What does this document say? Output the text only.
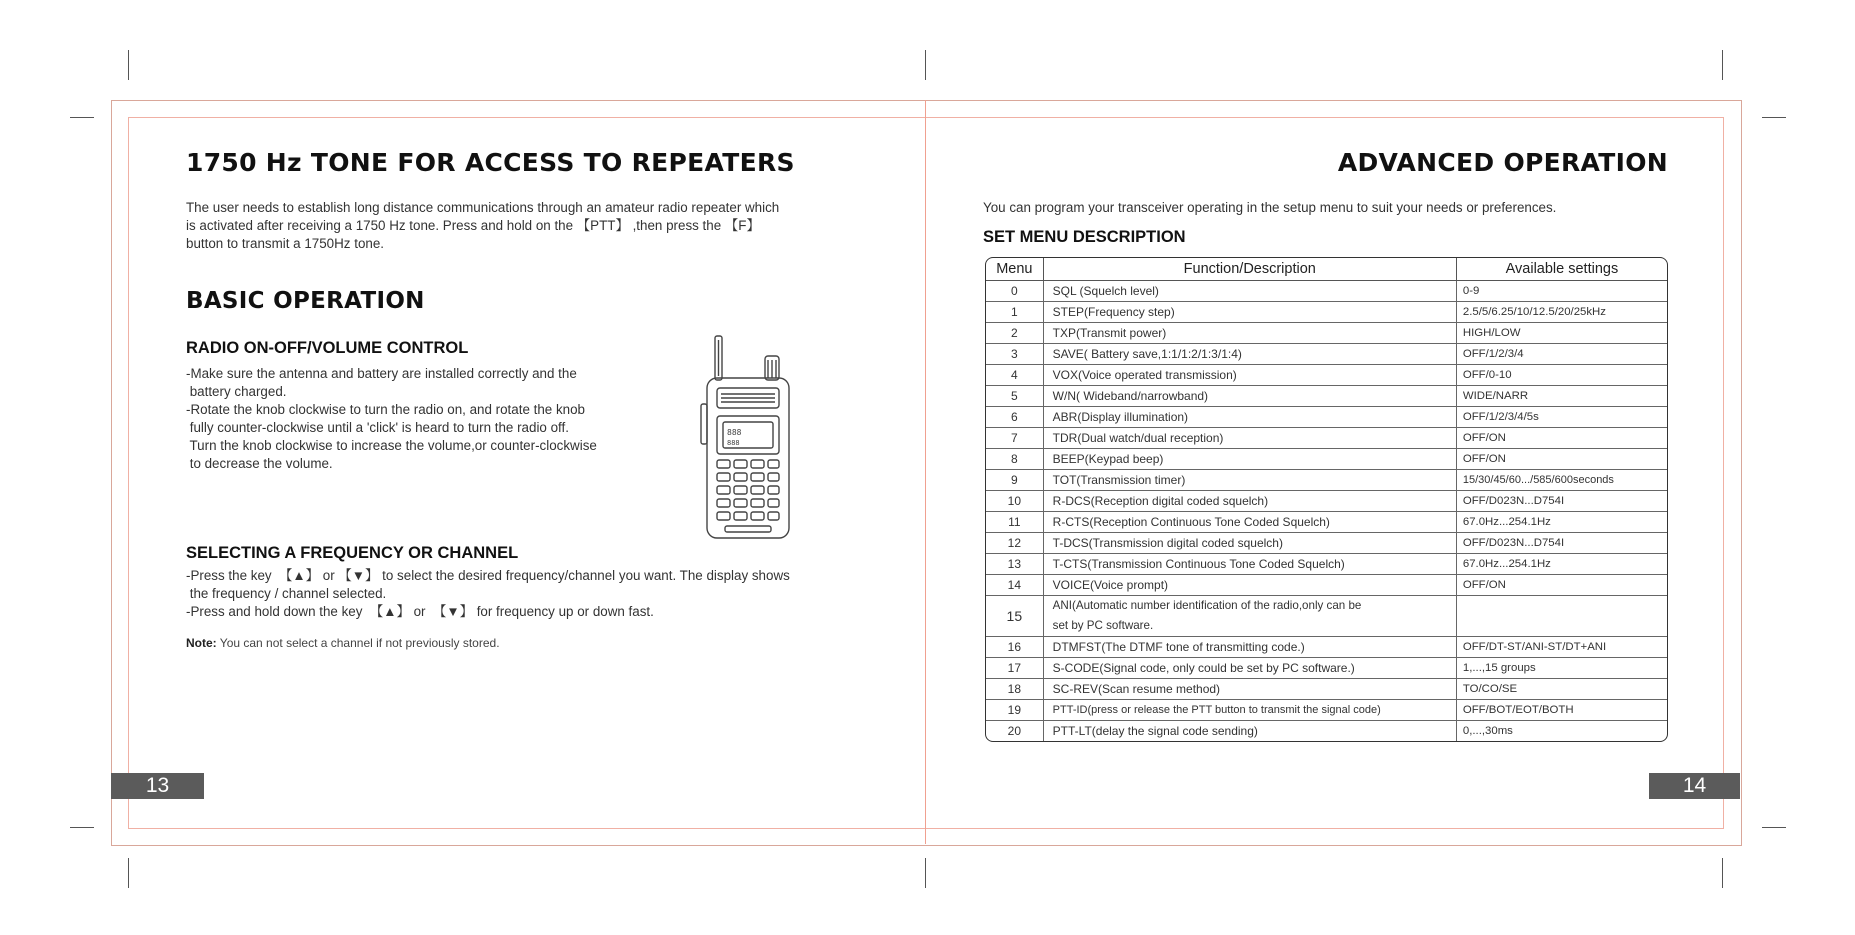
1750 Hz TONE FOR ACCESS TO REPEATERS

The user needs to establish long distance communications through an amateur radio repeater which

is activated after receiving a 1750 Hz tone. Press and hold on the 【PTT】 ,then press the 【F】

button to transmit a 1750Hz tone.

BASIC OPERATION
RADIO ON-OFF/VOLUME CONTROL

-Make sure the antenna and battery are installed correctly and the

battery charged.

-Rotate the knob clockwise to turn the radio on, and rotate the knob

fully counter-clockwise until a 'click' is heard to turn the radio off.

Turn the knob clockwise to increase the volume,or counter-clockwise

to decrease the volume.

888
888
SELECTING A FREQUENCY OR CHANNEL

-Press the key  【▲】 or 【▼】 to select the desired frequency/channel you want. The display shows

the frequency / channel selected.

-Press and hold down the key  【▲】 or  【▼】 for frequency up or down fast.

Note: You can not select a channel if not previously stored.

13
ADVANCED OPERATION

You can program your transceiver operating in the setup menu to suit your needs or preferences.

SET MENU DESCRIPTION
Menu	Function/Description	Available settings
0	SQL (Squelch level)	0-9
1	STEP(Frequency step)	2.5/5/6.25/10/12.5/20/25kHz
2	TXP(Transmit power)	HIGH/LOW
3	SAVE( Battery save,1:1/1:2/1:3/1:4)	OFF/1/2/3/4
4	VOX(Voice operated transmission)	OFF/0-10
5	W/N( Wideband/narrowband)	WIDE/NARR
6	ABR(Display illumination)	OFF/1/2/3/4/5s
7	TDR(Dual watch/dual reception)	OFF/ON
8	BEEP(Keypad beep)	OFF/ON
9	TOT(Transmission timer)	15/30/45/60.../585/600seconds
10	R-DCS(Reception digital coded squelch)	OFF/D023N...D754I
11	R-CTS(Reception Continuous Tone Coded Squelch)	67.0Hz...254.1Hz
12	T-DCS(Transmission digital coded squelch)	OFF/D023N...D754I
13	T-CTS(Transmission Continuous Tone Coded Squelch)	67.0Hz...254.1Hz
14	VOICE(Voice prompt)	OFF/ON
15	ANI(Automatic number identification of the radio,only can be set by PC software.	
16	DTMFST(The DTMF tone of transmitting code.)	OFF/DT-ST/ANI-ST/DT+ANI
17	S-CODE(Signal code, only could be set by PC software.)	1,...,15 groups
18	SC-REV(Scan resume method)	TO/CO/SE
19	PTT-ID(press or release the PTT button to transmit the signal code)	OFF/BOT/EOT/BOTH
20	PTT-LT(delay the signal code sending)	0,...,30ms
14
